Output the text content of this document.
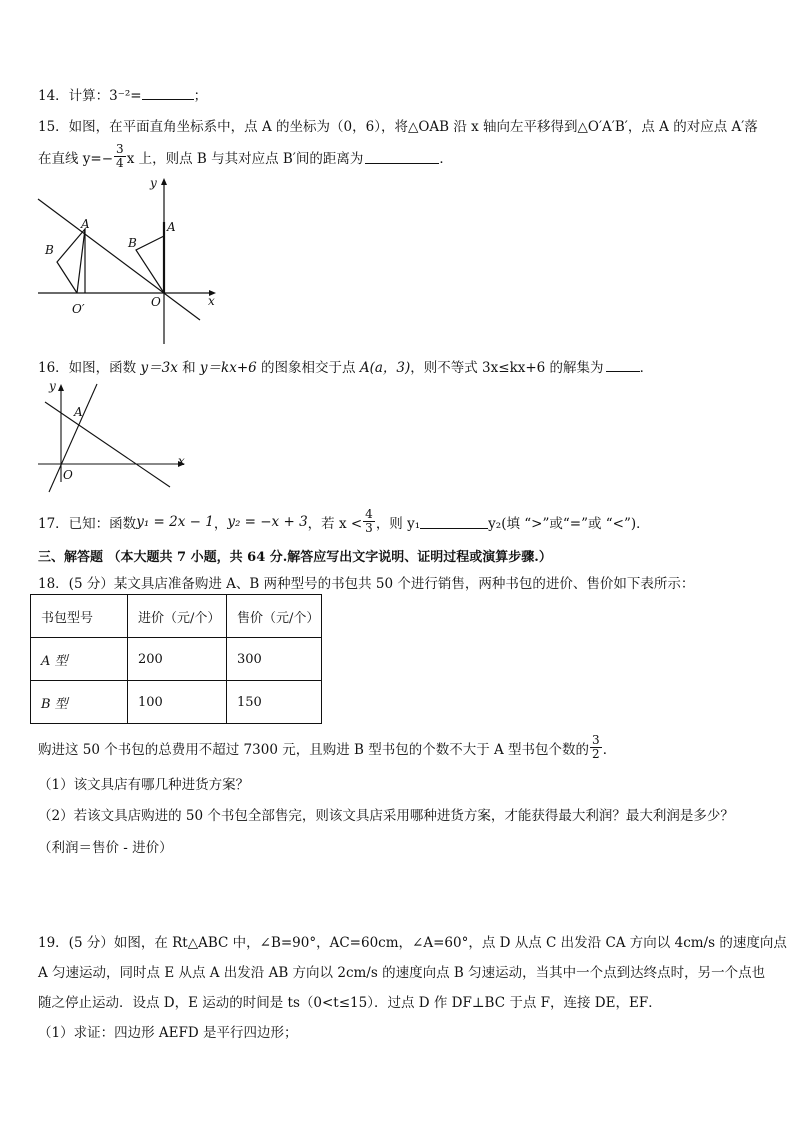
14．计算：3⁻²=	；
15．如图，在平面直角坐标系中，点 A 的坐标为（0，6），将△OAB 沿 x 轴向左平移得到△O′A′B′，点 A 的对应点 A′落
在直线 $y=- \frac{3}{4}$ x 上，则点 B 与其对应点 B′间的距离为	．
y
x
A
B
O′
A
B
O
16．如图，函数 y＝3x 和 y＝kx+6 的图象相交于点 A(a，3)，则不等式 3x≤kx+6 的解集为	．
y
x
A
O
17．已知：函数 y₁ = 2x − 1 ， y₂ = −x + 3 ，若 $x < \frac{4}{3}$ ，则 y₁	y₂(填 “>”或“=”或 “<”)．
三、解答题 （本大题共 7 小题，共 64 分.解答应写出文字说明、证明过程或演算步骤.）
18．(5 分）某文具店准备购进 A、B 两种型号的书包共 50 个进行销售，两种书包的进价、售价如下表所示：
书包型号	进价（元/个）	售价（元/个）
A 型	200	300
B 型	100	150
购进这 50 个书包的总费用不超过 7300 元，且购进 B 型书包的个数不大于 A 型书包个数的 $\frac{3}{2}$ ．
（1）该文具店有哪几种进货方案？
（2）若该文具店购进的 50 个书包全部售完，则该文具店采用哪种进货方案，才能获得最大利润？最大利润是多少？
（利润＝售价 - 进价）
19．(5 分）如图，在 Rt△ABC 中，∠B=90°，AC=60cm，∠A=60°，点 D 从点 C 出发沿 CA 方向以 4cm/s 的速度向点
A 匀速运动，同时点 E 从点 A 出发沿 AB 方向以 2cm/s 的速度向点 B 匀速运动，当其中一个点到达终点时，另一个点也
随之停止运动．设点 D，E 运动的时间是 ts（0<t≤15）．过点 D 作 DF⊥BC 于点 F，连接 DE，EF．
（1）求证：四边形 AEFD 是平行四边形；
